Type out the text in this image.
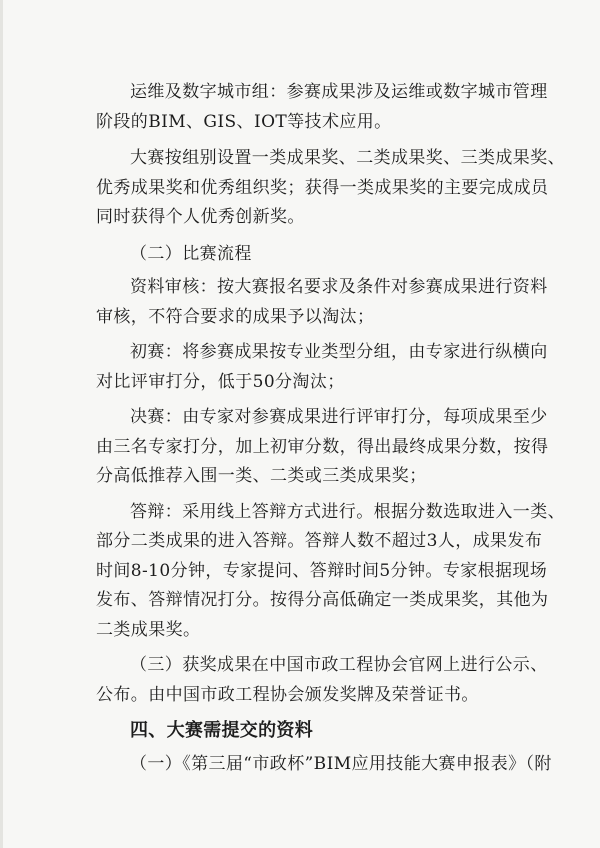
运维及数字城市组：参赛成果涉及运维或数字城市管理
阶段的BIM、GIS、IOT等技术应用。
大赛按组别设置一类成果奖、二类成果奖、三类成果奖、
优秀成果奖和优秀组织奖；获得一类成果奖的主要完成成员
同时获得个人优秀创新奖。
（二）比赛流程
资料审核：按大赛报名要求及条件对参赛成果进行资料
审核，不符合要求的成果予以淘汰；
初赛：将参赛成果按专业类型分组，由专家进行纵横向
对比评审打分，低于50分淘汰；
决赛：由专家对参赛成果进行评审打分，每项成果至少
由三名专家打分，加上初审分数，得出最终成果分数，按得
分高低推荐入围一类、二类或三类成果奖；
答辩：采用线上答辩方式进行。根据分数选取进入一类、
部分二类成果的进入答辩。答辩人数不超过3人，成果发布
时间8-10分钟，专家提问、答辩时间5分钟。专家根据现场
发布、答辩情况打分。按得分高低确定一类成果奖，其他为
二类成果奖。
（三）获奖成果在中国市政工程协会官网上进行公示、
公布。由中国市政工程协会颁发奖牌及荣誉证书。
四、大赛需提交的资料
（一）《第三届“市政杯”BIM应用技能大赛申报表》（附
